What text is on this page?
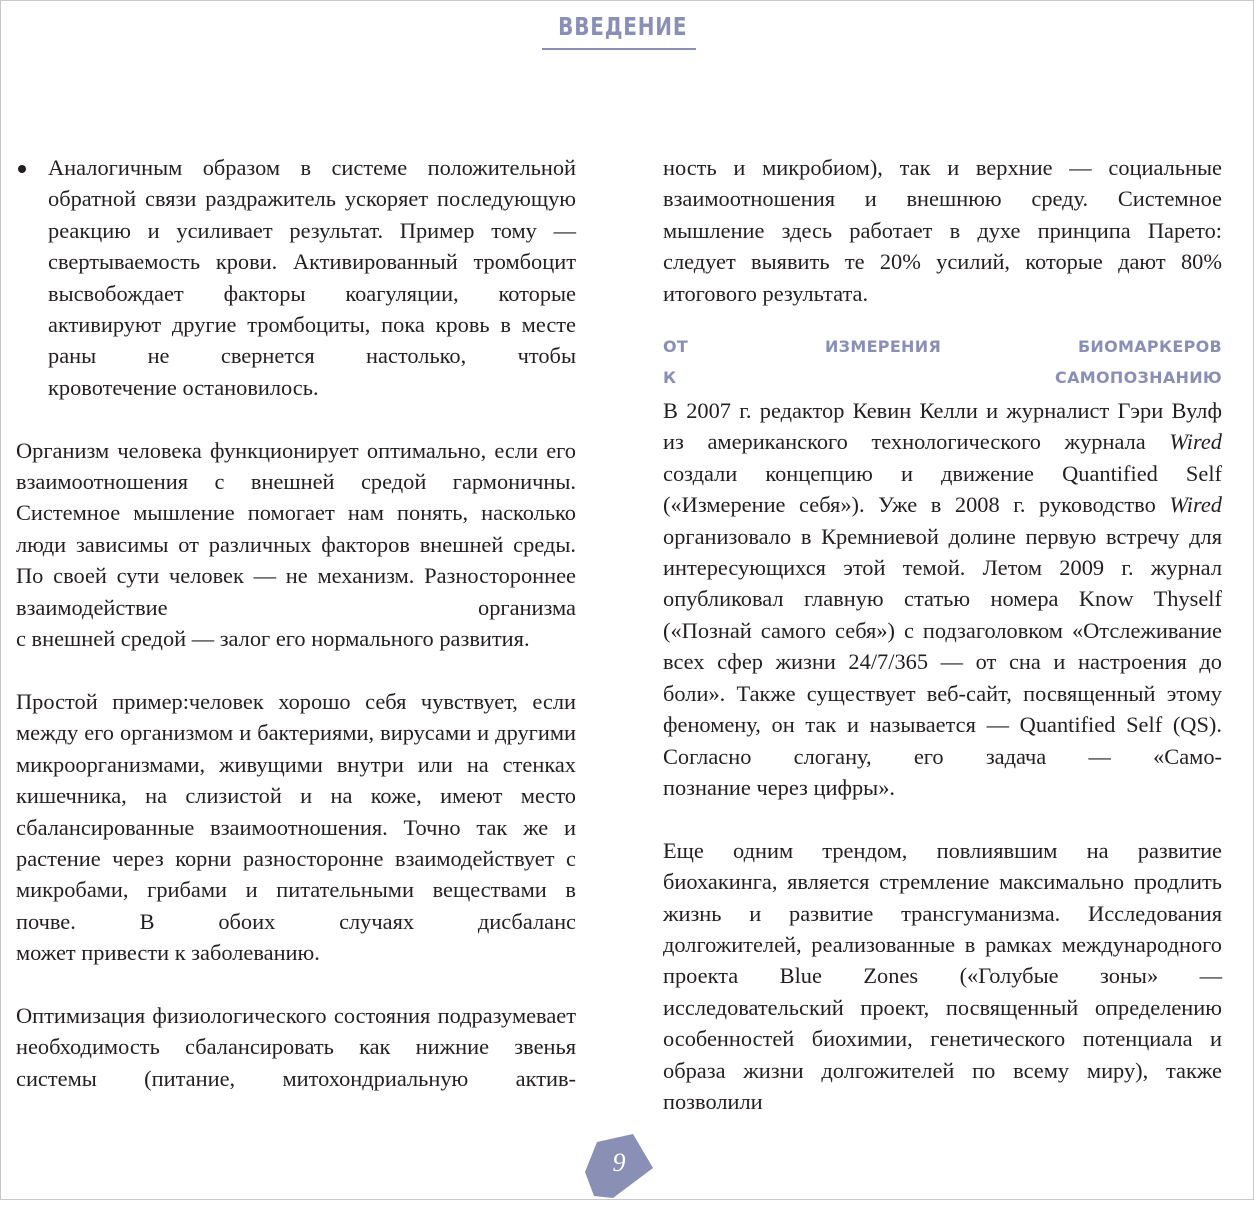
ВВЕДЕНИЕ

Аналогичным образом в системе положительной обратной связи раздражитель ускоряет последующую реакцию и усиливает результат. Пример тому — свертываемость крови. Активированный тромбоцит высвобождает факторы коагуляции, которые активируют другие тромбоциты, пока кровь в месте раны не свернется настолько, чтобы
кровотечение остановилось.

Организм человека функционирует оптимально, если его взаимоотношения с внешней средой гармоничны. Системное мышление помогает нам понять, насколько люди зависимы от различных факторов внешней среды. По своей сути человек — не механизм. Разностороннее взаимодействие организма
с внешней средой — залог его нормального развития.

Простой пример:человек хорошо себя чувствует, если между его организмом и бактериями, вирусами и другими микроорганизмами, живущими внутри или на стенках кишечника, на слизистой и на коже, имеют место сбалансированные взаимоотношения. Точно так же и растение через корни разносторонне взаимодействует с микробами, грибами и питательными веществами в почве. В обоих случаях дисбаланс
может привести к заболеванию.

Оптимизация физиологического состояния подразумевает необходимость сбалансировать как нижние звенья системы (питание, митохондриальную актив-

ность и микробиом), так и верхние — социальные взаимоотношения и внешнюю среду. Системное мышление здесь работает в духе принципа Парето: следует выявить те 20% усилий, которые дают 80%
итогового результата.

ОТ ИЗМЕРЕНИЯ БИОМАРКЕРОВ

К САМОПОЗНАНИЮ

В 2007 г. редактор Кевин Келли и журналист Гэри Вулф из американского технологического журнала Wired создали концепцию и движение Quantified Self («Измерение себя»). Уже в 2008 г. руководство Wired организовало в Кремниевой долине первую встречу для интересующихся этой темой. Летом 2009 г. журнал опубликовал главную статью номера Know Thyself («Познай самого себя») с подзаголовком «Отслеживание всех сфер жизни 24/7/365 — от сна и настроения до боли». Также существует веб-сайт, посвященный этому феномену, он так и называется — Quantified Self (QS). Согласно слогану, его задача — «Само-
познание через цифры».

Еще одним трендом, повлиявшим на развитие биохакинга, является стремление максимально продлить жизнь и развитие трансгуманизма. Исследования долгожителей, реализованные в рамках международного проекта Blue Zones («Голубые зоны» — исследовательский проект, посвященный определению особенностей биохимии, генетического потенциала и образа жизни долгожителей по всему миру), также позволили

9
